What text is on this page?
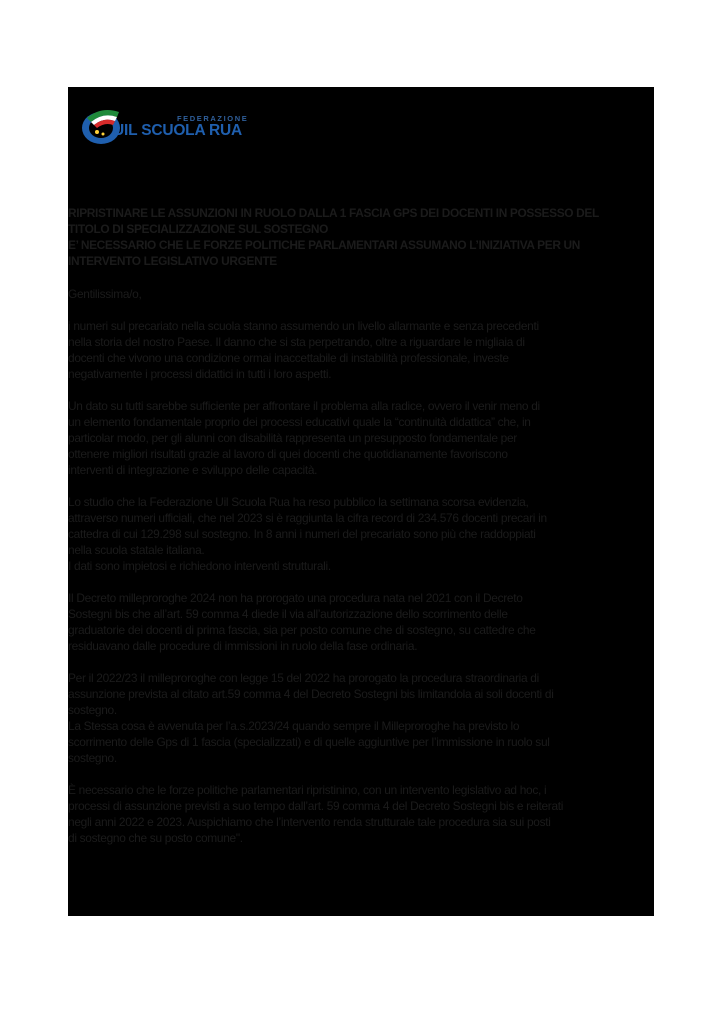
FEDERAZIONE
UIL SCUOLA RUA
RIPRISTINARE LE ASSUNZIONI IN RUOLO DALLA 1 FASCIA GPS DEI DOCENTI IN POSSESSO DEL
TITOLO DI SPECIALIZZAZIONE SUL SOSTEGNO
E’ NECESSARIO CHE LE FORZE POLITICHE PARLAMENTARI ASSUMANO L’INIZIATIVA PER UN
INTERVENTO LEGISLATIVO URGENTE
Gentilissima/o,
i numeri sul precariato nella scuola stanno assumendo un livello allarmante e senza precedenti
nella storia del nostro Paese. Il danno che si sta perpetrando, oltre a riguardare le migliaia di
docenti che vivono una condizione ormai inaccettabile di instabilità professionale, investe
negativamente i processi didattici in tutti i loro aspetti.
Un dato su tutti sarebbe sufficiente per affrontare il problema alla radice, ovvero il venir meno di
un elemento fondamentale proprio dei processi educativi quale la “continuità didattica” che, in
particolar modo, per gli alunni con disabilità rappresenta un presupposto fondamentale per
ottenere migliori risultati grazie al lavoro di quei docenti che quotidianamente favoriscono
interventi di integrazione e sviluppo delle capacità.
Lo studio che la Federazione Uil Scuola Rua ha reso pubblico la settimana scorsa evidenzia,
attraverso numeri ufficiali, che nel 2023 si è raggiunta la cifra record di 234.576 docenti precari in
cattedra di cui 129.298 sul sostegno. In 8 anni i numeri del precariato sono più che raddoppiati
nella scuola statale italiana.
I dati sono impietosi e richiedono interventi strutturali.
Il Decreto milleproroghe 2024 non ha prorogato una procedura nata nel 2021 con il Decreto
Sostegni bis che all’art. 59 comma 4 diede il via all’autorizzazione dello scorrimento delle
graduatorie dei docenti di prima fascia, sia per posto comune che di sostegno, su cattedre che
residuavano dalle procedure di immissioni in ruolo della fase ordinaria.
Per il 2022/23 il milleproroghe con legge 15 del 2022 ha prorogato la procedura straordinaria di
assunzione prevista al citato art.59 comma 4 del Decreto Sostegni bis limitandola ai soli docenti di
sostegno.
La Stessa cosa è avvenuta per l’a.s.2023/24 quando sempre il Milleproroghe ha previsto lo
scorrimento delle Gps di 1 fascia (specializzati) e di quelle aggiuntive per l’immissione in ruolo sul
sostegno.
È necessario che le forze politiche parlamentari ripristinino, con un intervento legislativo ad hoc, i
processi di assunzione previsti a suo tempo dall’art. 59 comma 4 del Decreto Sostegni bis e reiterati
negli anni 2022 e 2023. Auspichiamo che l’intervento renda strutturale tale procedura sia sui posti
di sostegno che su posto comune".
